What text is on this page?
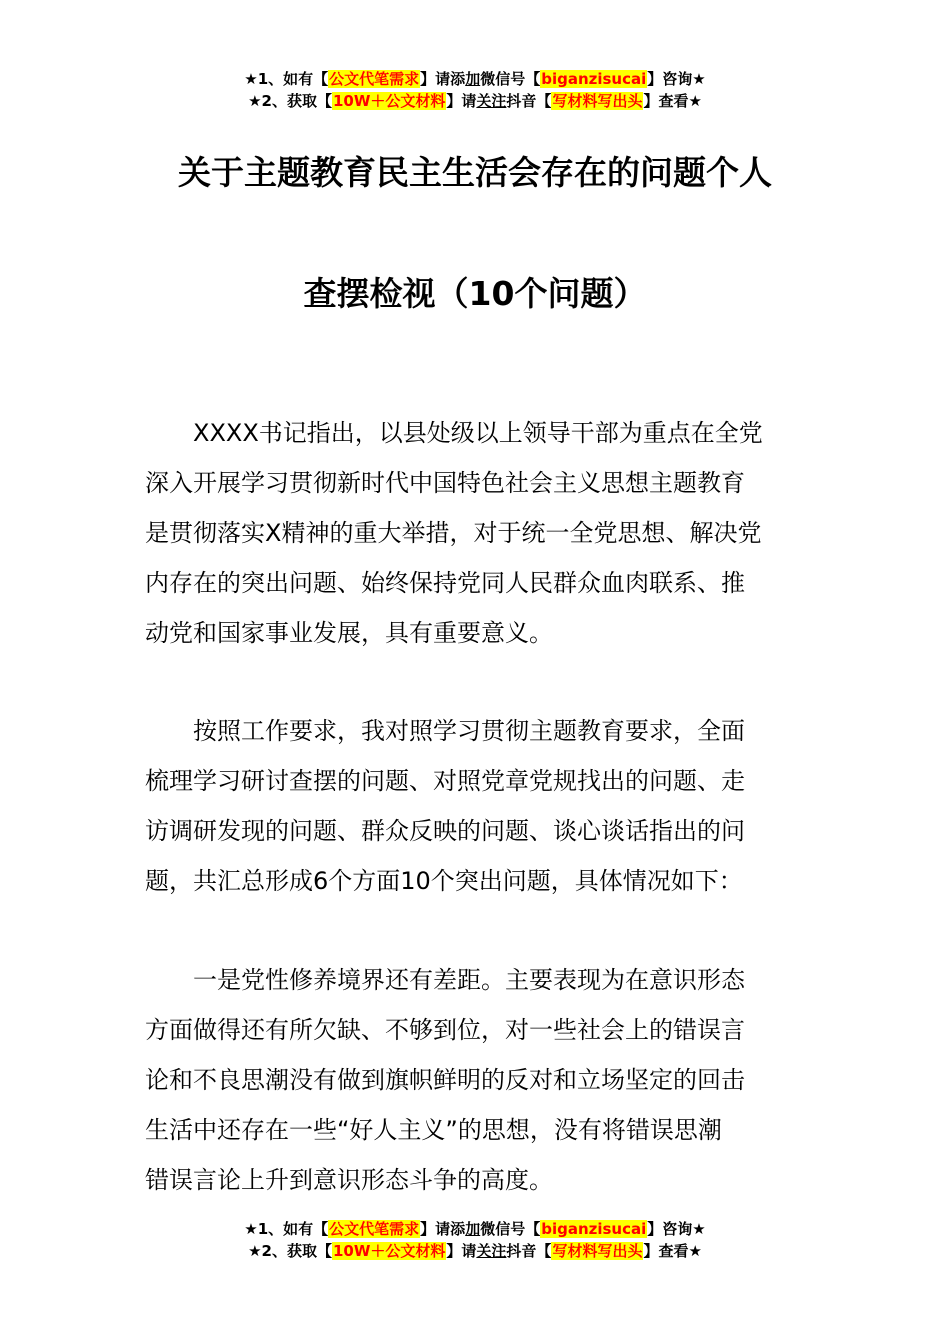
★1、如有【公文代笔需求】请添加微信号【biganzisucai】咨询★
★2、获取【10W＋公文材料】请关注抖音【写材料写出头】查看★
关于主题教育民主生活会存在的问题个人
查摆检视（10个问题）
　　XXXX书记指出，以县处级以上领导干部为重点在全党
深入开展学习贯彻新时代中国特色社会主义思想主题教育
是贯彻落实X精神的重大举措，对于统一全党思想、解决党
内存在的突出问题、始终保持党同人民群众血肉联系、推
动党和国家事业发展，具有重要意义。
　　按照工作要求，我对照学习贯彻主题教育要求，全面
梳理学习研讨查摆的问题、对照党章党规找出的问题、走
访调研发现的问题、群众反映的问题、谈心谈话指出的问
题，共汇总形成6个方面10个突出问题，具体情况如下：
　　一是党性修养境界还有差距。主要表现为在意识形态
方面做得还有所欠缺、不够到位，对一些社会上的错误言
论和不良思潮没有做到旗帜鲜明的反对和立场坚定的回击
生活中还存在一些“好人主义”的思想，没有将错误思潮
错误言论上升到意识形态斗争的高度。
★1、如有【公文代笔需求】请添加微信号【biganzisucai】咨询★
★2、获取【10W＋公文材料】请关注抖音【写材料写出头】查看★
